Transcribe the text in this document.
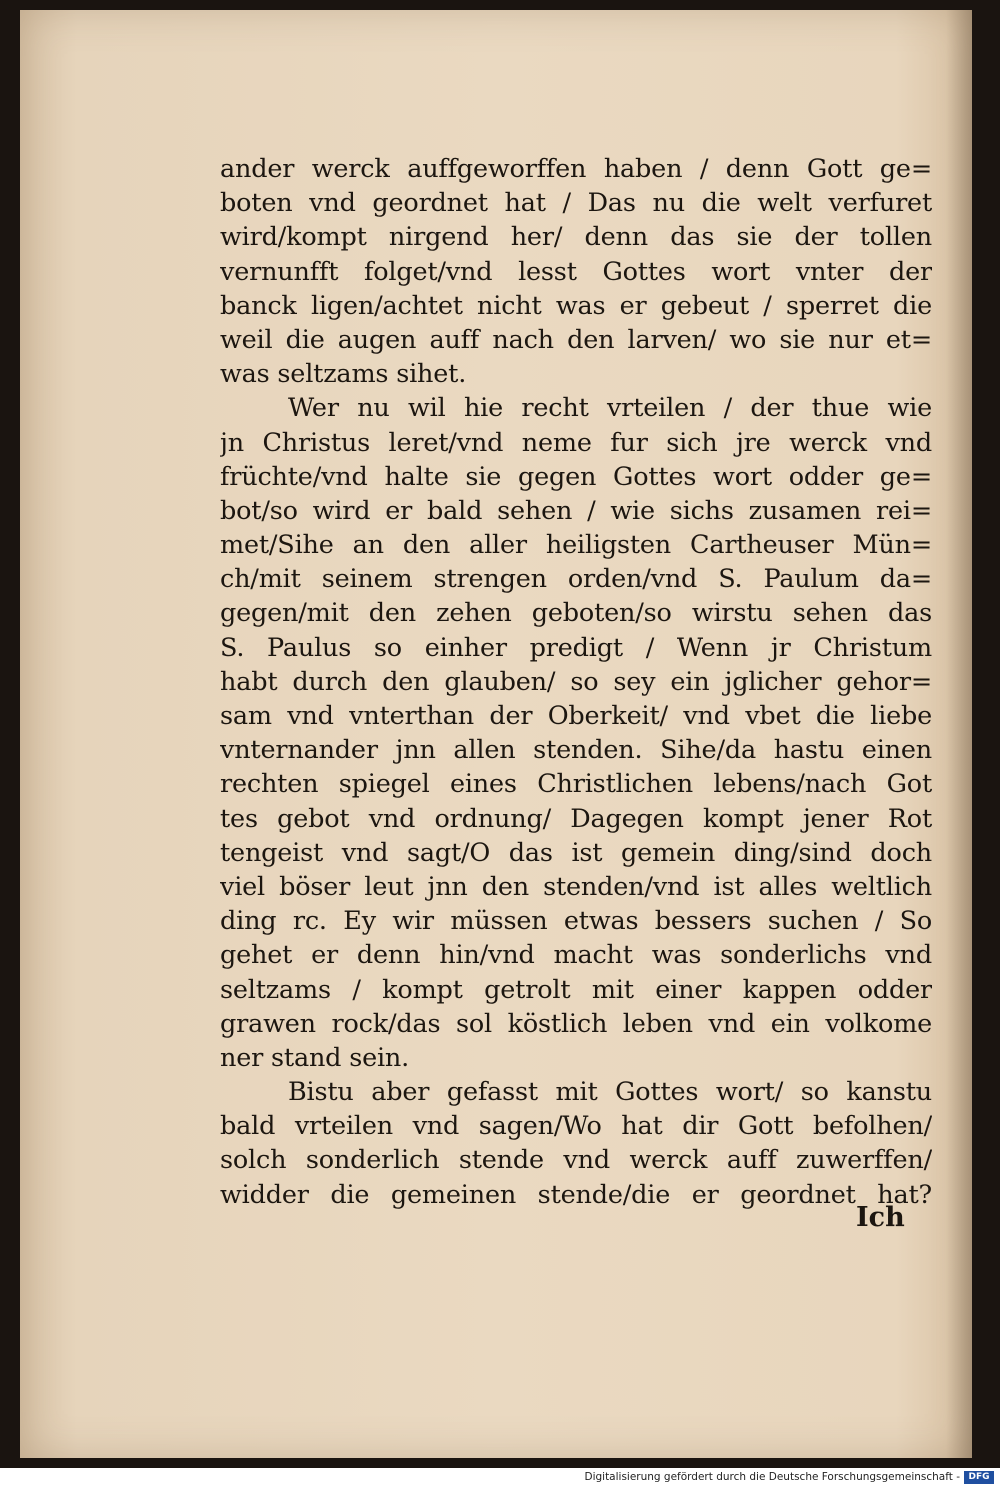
ander werck auffgeworffen haben / denn Gott ge=
boten vnd geordnet hat / Das nu die welt verfuret
wird/kompt nirgend her/ denn das sie der tollen
vernunfft folget/vnd lesst Gottes wort vnter der
banck ligen/achtet nicht was er gebeut / sperret die
weil die augen auff nach den larven/ wo sie nur et=
was seltzams sihet.
Wer nu wil hie recht vrteilen / der thue wie
jn Christus leret/vnd neme fur sich jre werck vnd
früchte/vnd halte sie gegen Gottes wort odder ge=
bot/so wird er bald sehen / wie sichs zusamen rei=
met/Sihe an den aller heiligsten Cartheuser Mün=
ch/mit seinem strengen orden/vnd S. Paulum da=
gegen/mit den zehen geboten/so wirstu sehen das
S. Paulus so einher predigt / Wenn jr Christum
habt durch den glauben/ so sey ein jglicher gehor=
sam vnd vnterthan der Oberkeit/ vnd vbet die liebe
vnternander jnn allen stenden. Sihe/da hastu einen
rechten spiegel eines Christlichen lebens/nach Got
tes gebot vnd ordnung/ Dagegen kompt jener Rot
tengeist vnd sagt/O das ist gemein ding/sind doch
viel böser leut jnn den stenden/vnd ist alles weltlich
ding rc. Ey wir müssen etwas bessers suchen / So
gehet er denn hin/vnd macht was sonderlichs vnd
seltzams / kompt getrolt mit einer kappen odder
grawen rock/das sol köstlich leben vnd ein volkome
ner stand sein.
Bistu aber gefasst mit Gottes wort/ so kanstu
bald vrteilen vnd sagen/Wo hat dir Gott befolhen/
solch sonderlich stende vnd werck auff zuwerffen/
widder die gemeinen stende/die er geordnet hat?
Ich
Digitalisierung gefördert durch die Deutsche Forschungsgemeinschaft - DFG
